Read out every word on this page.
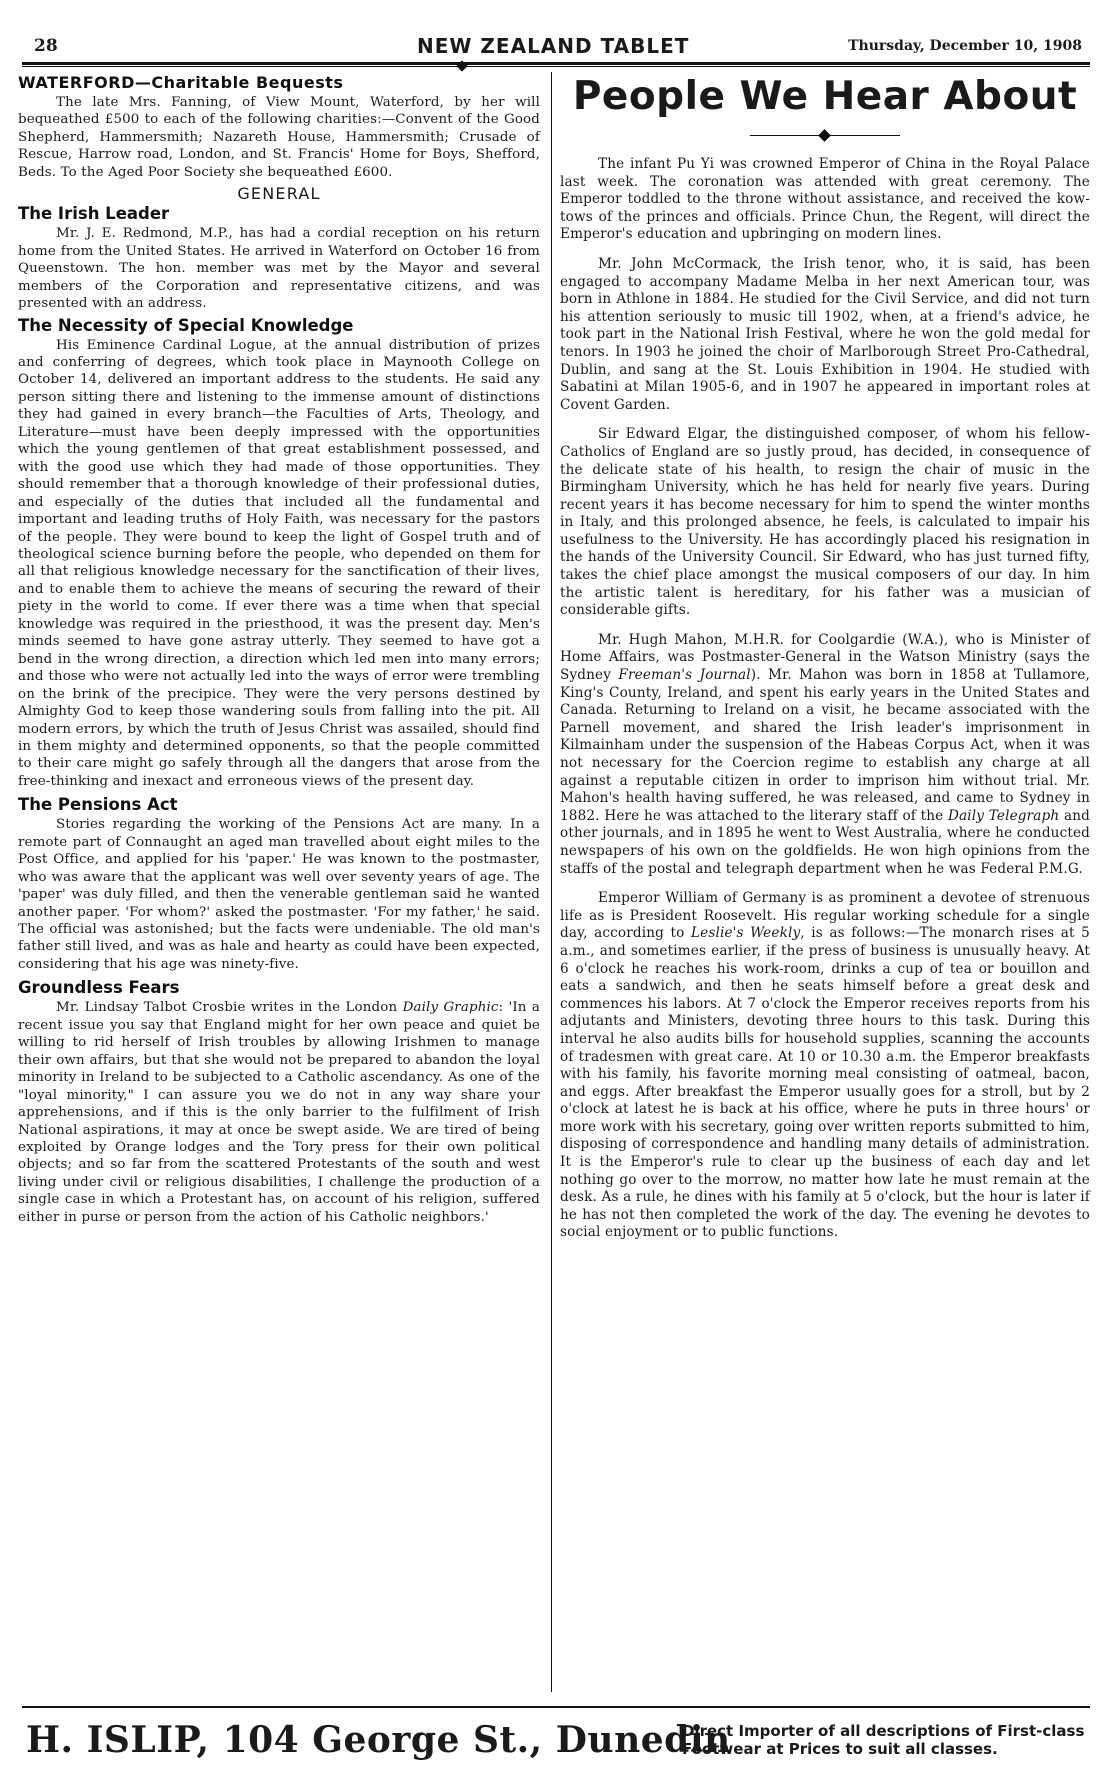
28	NEW ZEALAND TABLET	Thursday, December 10, 1908
WATERFORD—Charitable Bequests

The late Mrs. Fanning, of View Mount, Waterford, by her will bequeathed £500 to each of the following charities:—Convent of the Good Shepherd, Hammersmith; Nazareth House, Hammersmith; Crusade of Rescue, Harrow road, London, and St. Francis' Home for Boys, Shefford, Beds. To the Aged Poor Society she bequeathed £600.

GENERAL
The Irish Leader

Mr. J. E. Redmond, M.P., has had a cordial reception on his return home from the United States. He arrived in Waterford on October 16 from Queenstown. The hon. member was met by the Mayor and several members of the Corporation and representative citizens, and was presented with an address.

The Necessity of Special Knowledge

His Eminence Cardinal Logue, at the annual distribution of prizes and conferring of degrees, which took place in Maynooth College on October 14, delivered an important address to the students. He said any person sitting there and listening to the immense amount of distinctions they had gained in every branch—the Faculties of Arts, Theology, and Literature—must have been deeply impressed with the opportunities which the young gentlemen of that great establishment possessed, and with the good use which they had made of those opportunities. They should remember that a thorough knowledge of their professional duties, and especially of the duties that included all the fundamental and important and leading truths of Holy Faith, was necessary for the pastors of the people. They were bound to keep the light of Gospel truth and of theological science burning before the people, who depended on them for all that religious knowledge necessary for the sanctification of their lives, and to enable them to achieve the means of securing the reward of their piety in the world to come. If ever there was a time when that special knowledge was required in the priesthood, it was the present day. Men's minds seemed to have gone astray utterly. They seemed to have got a bend in the wrong direction, a direction which led men into many errors; and those who were not actually led into the ways of error were trembling on the brink of the precipice. They were the very persons destined by Almighty God to keep those wandering souls from falling into the pit. All modern errors, by which the truth of Jesus Christ was assailed, should find in them mighty and determined opponents, so that the people committed to their care might go safely through all the dangers that arose from the free-thinking and inexact and erroneous views of the present day.

The Pensions Act

Stories regarding the working of the Pensions Act are many. In a remote part of Connaught an aged man travelled about eight miles to the Post Office, and applied for his 'paper.' He was known to the postmaster, who was aware that the applicant was well over seventy years of age. The 'paper' was duly filled, and then the venerable gentleman said he wanted another paper. 'For whom?' asked the postmaster. 'For my father,' he said. The official was astonished; but the facts were undeniable. The old man's father still lived, and was as hale and hearty as could have been expected, considering that his age was ninety-five.

Groundless Fears

Mr. Lindsay Talbot Crosbie writes in the London Daily Graphic: 'In a recent issue you say that England might for her own peace and quiet be willing to rid herself of Irish troubles by allowing Irishmen to manage their own affairs, but that she would not be prepared to abandon the loyal minority in Ireland to be subjected to a Catholic ascendancy. As one of the "loyal minority," I can assure you we do not in any way share your apprehensions, and if this is the only barrier to the fulfilment of Irish National aspirations, it may at once be swept aside. We are tired of being exploited by Orange lodges and the Tory press for their own political objects; and so far from the scattered Protestants of the south and west living under civil or religious disabilities, I challenge the production of a single case in which a Protestant has, on account of his religion, suffered either in purse or person from the action of his Catholic neighbors.'

People We Hear About

The infant Pu Yi was crowned Emperor of China in the Royal Palace last week. The coronation was attended with great ceremony. The Emperor toddled to the throne without assistance, and received the kow-tows of the princes and officials. Prince Chun, the Regent, will direct the Emperor's education and upbringing on modern lines.

Mr. John McCormack, the Irish tenor, who, it is said, has been engaged to accompany Madame Melba in her next American tour, was born in Athlone in 1884. He studied for the Civil Service, and did not turn his attention seriously to music till 1902, when, at a friend's advice, he took part in the National Irish Festival, where he won the gold medal for tenors. In 1903 he joined the choir of Marlborough Street Pro-Cathedral, Dublin, and sang at the St. Louis Exhibition in 1904. He studied with Sabatini at Milan 1905-6, and in 1907 he appeared in important roles at Covent Garden.

Sir Edward Elgar, the distinguished composer, of whom his fellow-Catholics of England are so justly proud, has decided, in consequence of the delicate state of his health, to resign the chair of music in the Birmingham University, which he has held for nearly five years. During recent years it has become necessary for him to spend the winter months in Italy, and this prolonged absence, he feels, is calculated to impair his usefulness to the University. He has accordingly placed his resignation in the hands of the University Council. Sir Edward, who has just turned fifty, takes the chief place amongst the musical composers of our day. In him the artistic talent is hereditary, for his father was a musician of considerable gifts.

Mr. Hugh Mahon, M.H.R. for Coolgardie (W.A.), who is Minister of Home Affairs, was Postmaster-General in the Watson Ministry (says the Sydney Freeman's Journal). Mr. Mahon was born in 1858 at Tullamore, King's County, Ireland, and spent his early years in the United States and Canada. Returning to Ireland on a visit, he became associated with the Parnell movement, and shared the Irish leader's imprisonment in Kilmainham under the suspension of the Habeas Corpus Act, when it was not necessary for the Coercion regime to establish any charge at all against a reputable citizen in order to imprison him without trial. Mr. Mahon's health having suffered, he was released, and came to Sydney in 1882. Here he was attached to the literary staff of the Daily Telegraph and other journals, and in 1895 he went to West Australia, where he conducted newspapers of his own on the goldfields. He won high opinions from the staffs of the postal and telegraph department when he was Federal P.M.G.

Emperor William of Germany is as prominent a devotee of strenuous life as is President Roosevelt. His regular working schedule for a single day, according to Leslie's Weekly, is as follows:—The monarch rises at 5 a.m., and sometimes earlier, if the press of business is unusually heavy. At 6 o'clock he reaches his work-room, drinks a cup of tea or bouillon and eats a sandwich, and then he seats himself before a great desk and commences his labors. At 7 o'clock the Emperor receives reports from his adjutants and Ministers, devoting three hours to this task. During this interval he also audits bills for household supplies, scanning the accounts of tradesmen with great care. At 10 or 10.30 a.m. the Emperor breakfasts with his family, his favorite morning meal consisting of oatmeal, bacon, and eggs. After breakfast the Emperor usually goes for a stroll, but by 2 o'clock at latest he is back at his office, where he puts in three hours' or more work with his secretary, going over written reports submitted to him, disposing of correspondence and handling many details of administration. It is the Emperor's rule to clear up the business of each day and let nothing go over to the morrow, no matter how late he must remain at the desk. As a rule, he dines with his family at 5 o'clock, but the hour is later if he has not then completed the work of the day. The evening he devotes to social enjoyment or to public functions.

H. ISLIP, 104 George St., Dunedin
Direct Importer of all descriptions of First-class Footwear at Prices to suit all classes.
